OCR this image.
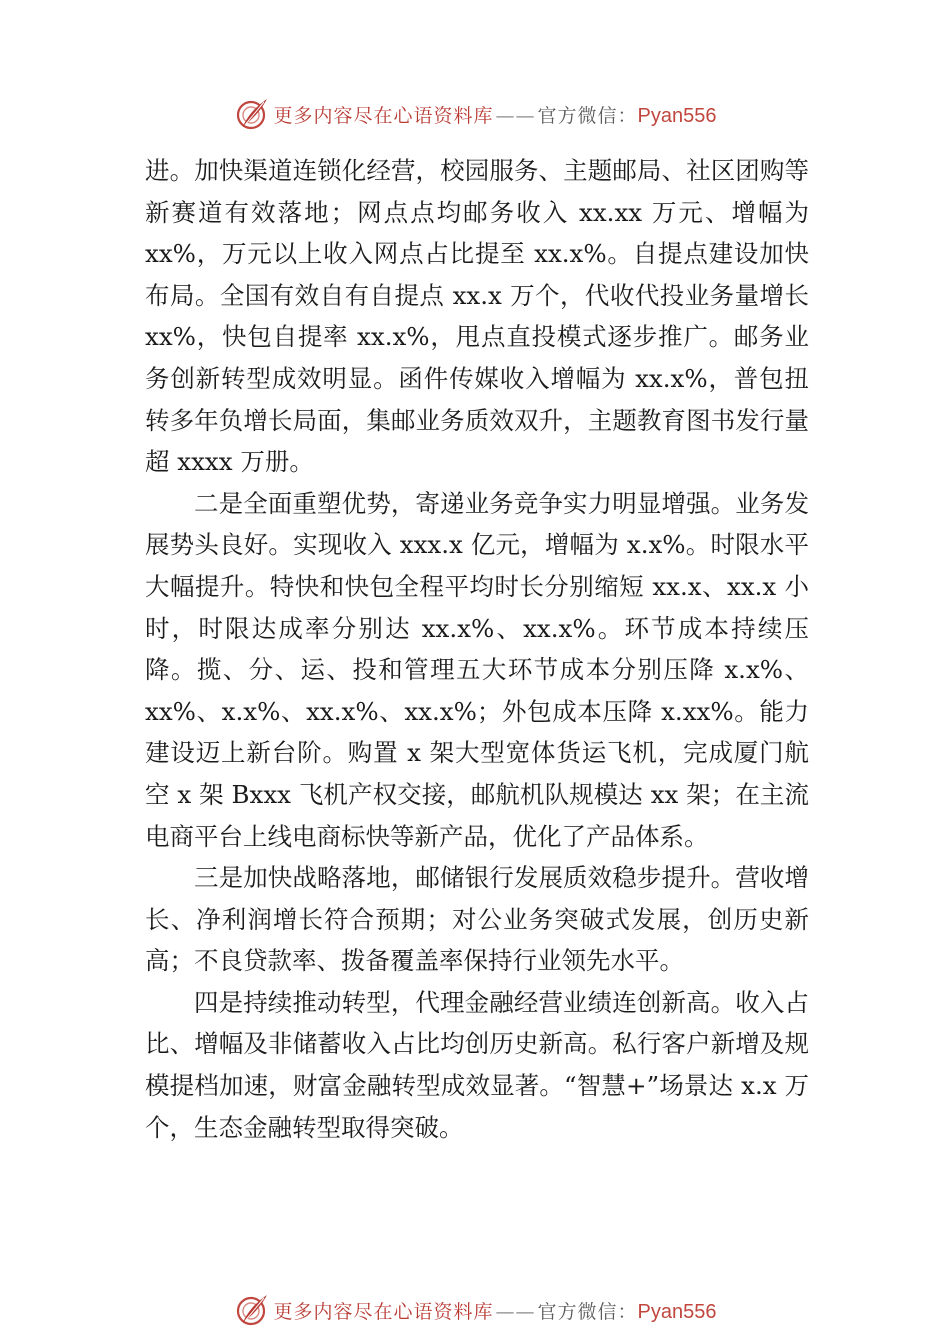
更多内容尽在心语资料库 —— 官方微信：Pyan556

进。加快渠道连锁化经营，校园服务、主题邮局、社区团购等新赛道有效落地；网点点均邮务收入 xx.xx 万元、增幅为 xx%，万元以上收入网点占比提至 xx.x%。自提点建设加快布局。全国有效自有自提点 xx.x 万个，代收代投业务量增长 xx%，快包自提率 xx.x%，甩点直投模式逐步推广。邮务业务创新转型成效明显。函件传媒收入增幅为 xx.x%，普包扭转多年负增长局面，集邮业务质效双升，主题教育图书发行量超 xxxx 万册。

二是全面重塑优势，寄递业务竞争实力明显增强。业务发展势头良好。实现收入 xxx.x 亿元，增幅为 x.x%。时限水平大幅提升。特快和快包全程平均时长分别缩短 xx.x、xx.x 小时，时限达成率分别达 xx.x%、xx.x%。环节成本持续压降。揽、分、运、投和管理五大环节成本分别压降 x.x%、xx%、x.x%、xx.x%、xx.x%；外包成本压降 x.xx%。能力建设迈上新台阶。购置 x 架大型宽体货运飞机，完成厦门航空 x 架 Bxxx 飞机产权交接，邮航机队规模达 xx 架；在主流电商平台上线电商标快等新产品，优化了产品体系。

三是加快战略落地，邮储银行发展质效稳步提升。营收增长、净利润增长符合预期；对公业务突破式发展，创历史新高；不良贷款率、拨备覆盖率保持行业领先水平。

四是持续推动转型，代理金融经营业绩连创新高。收入占比、增幅及非储蓄收入占比均创历史新高。私行客户新增及规模提档加速，财富金融转型成效显著。“智慧+”场景达 x.x 万个，生态金融转型取得突破。

更多内容尽在心语资料库 —— 官方微信：Pyan556
